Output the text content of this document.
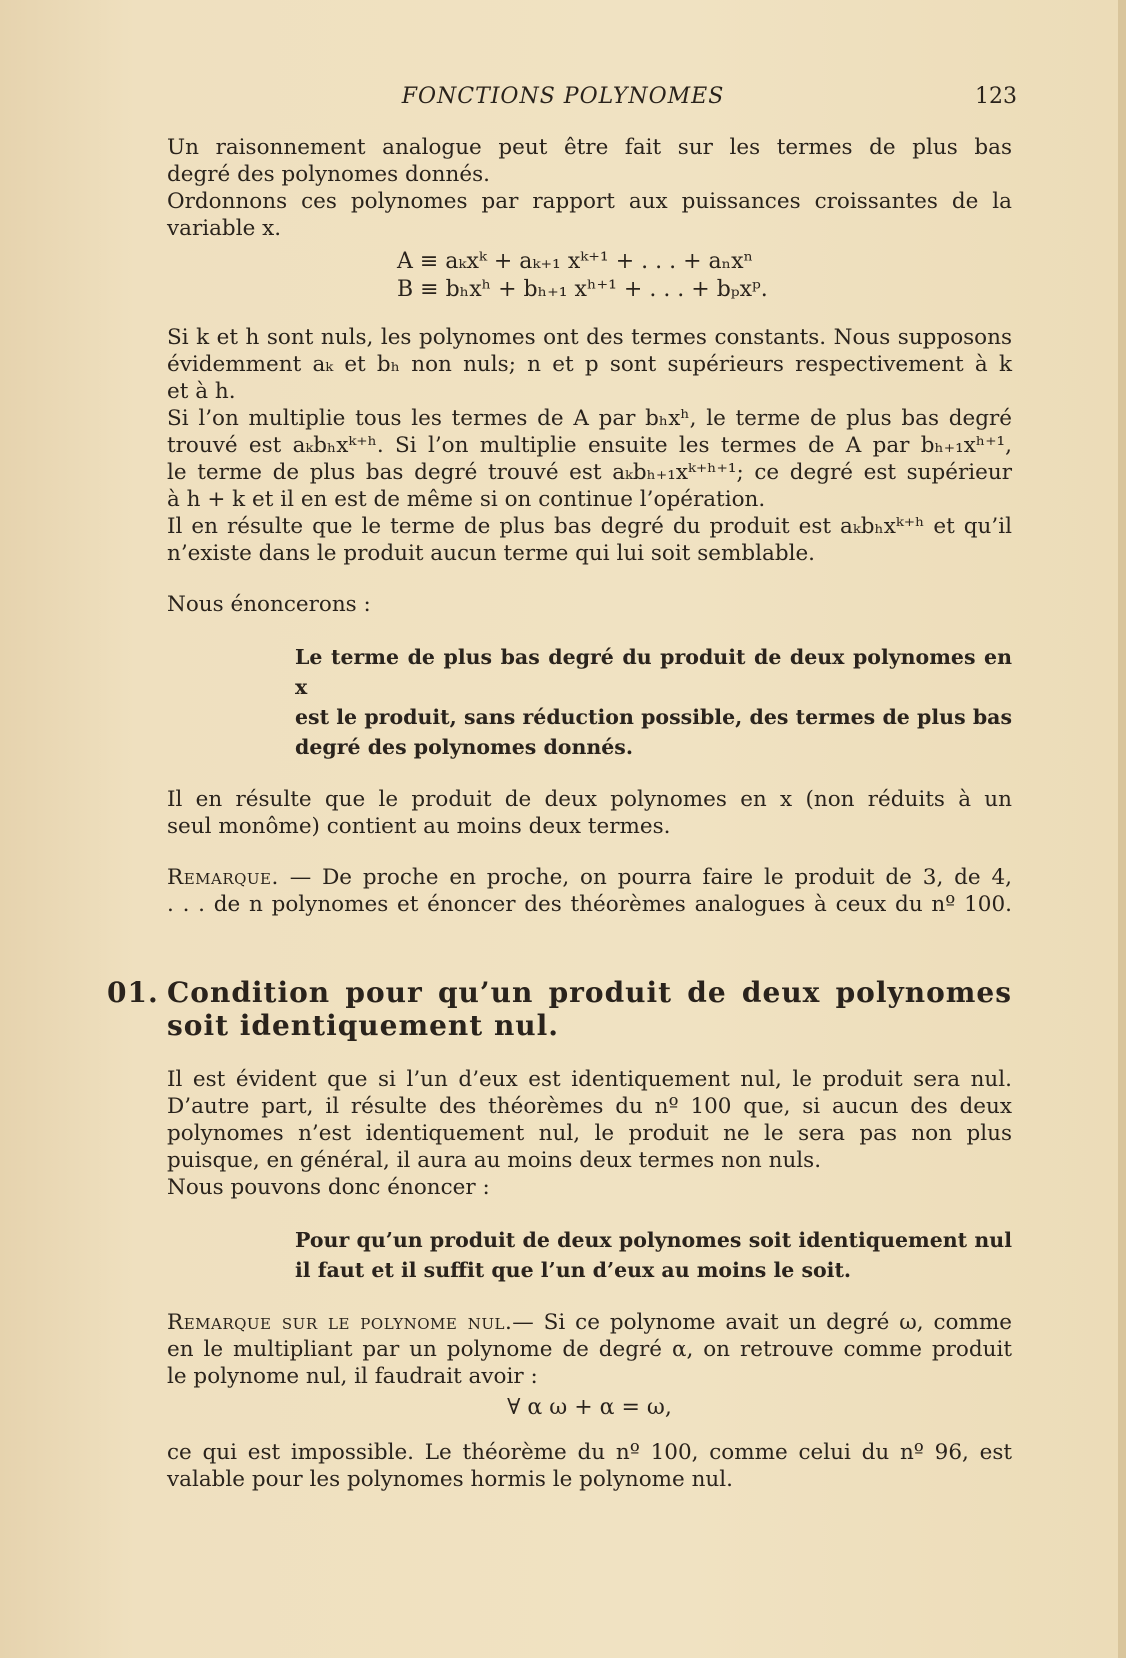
FONCTIONS POLYNOMES	123
Un raisonnement analogue peut être fait sur les termes de plus bas
degré des polynomes donnés.
Ordonnons ces polynomes par rapport aux puissances croissantes de la
variable x.
A ≡ aₖxᵏ + aₖ₊₁ xᵏ⁺¹ + . . . + aₙxⁿ
B ≡ bₕxʰ + bₕ₊₁ xʰ⁺¹ + . . . + bₚxᵖ.
Si k et h sont nuls, les polynomes ont des termes constants. Nous supposons
évidemment aₖ et bₕ non nuls; n et p sont supérieurs respectivement à k
et à h.
Si l’on multiplie tous les termes de A par bₕxʰ, le terme de plus bas degré
trouvé est aₖbₕxᵏ⁺ʰ. Si l’on multiplie ensuite les termes de A par bₕ₊₁xʰ⁺¹,
le terme de plus bas degré trouvé est aₖbₕ₊₁xᵏ⁺ʰ⁺¹; ce degré est supérieur
à h + k et il en est de même si on continue l’opération.
Il en résulte que le terme de plus bas degré du produit est aₖbₕxᵏ⁺ʰ et qu’il
n’existe dans le produit aucun terme qui lui soit semblable.
Nous énoncerons :
Le terme de plus bas degré du produit de deux polynomes en x
est le produit, sans réduction possible, des termes de plus bas
degré des polynomes donnés.
Il en résulte que le produit de deux polynomes en x (non réduits à un
seul monôme) contient au moins deux termes.
Remarque. — De proche en proche, on pourra faire le produit de 3, de 4,
. . . de n polynomes et énoncer des théorèmes analogues à ceux du nº 100.
01. Condition pour qu’un produit de deux polynomes
soit identiquement nul.
Il est évident que si l’un d’eux est identiquement nul, le produit sera nul.
D’autre part, il résulte des théorèmes du nº 100 que, si aucun des deux
polynomes n’est identiquement nul, le produit ne le sera pas non plus
puisque, en général, il aura au moins deux termes non nuls.
Nous pouvons donc énoncer :
Pour qu’un produit de deux polynomes soit identiquement nul
il faut et il suffit que l’un d’eux au moins le soit.
Remarque sur le polynome nul.— Si ce polynome avait un degré ω, comme
en le multipliant par un polynome de degré α, on retrouve comme produit
le polynome nul, il faudrait avoir :
∀ α ω + α = ω,
ce qui est impossible. Le théorème du nº 100, comme celui du nº 96, est
valable pour les polynomes hormis le polynome nul.
